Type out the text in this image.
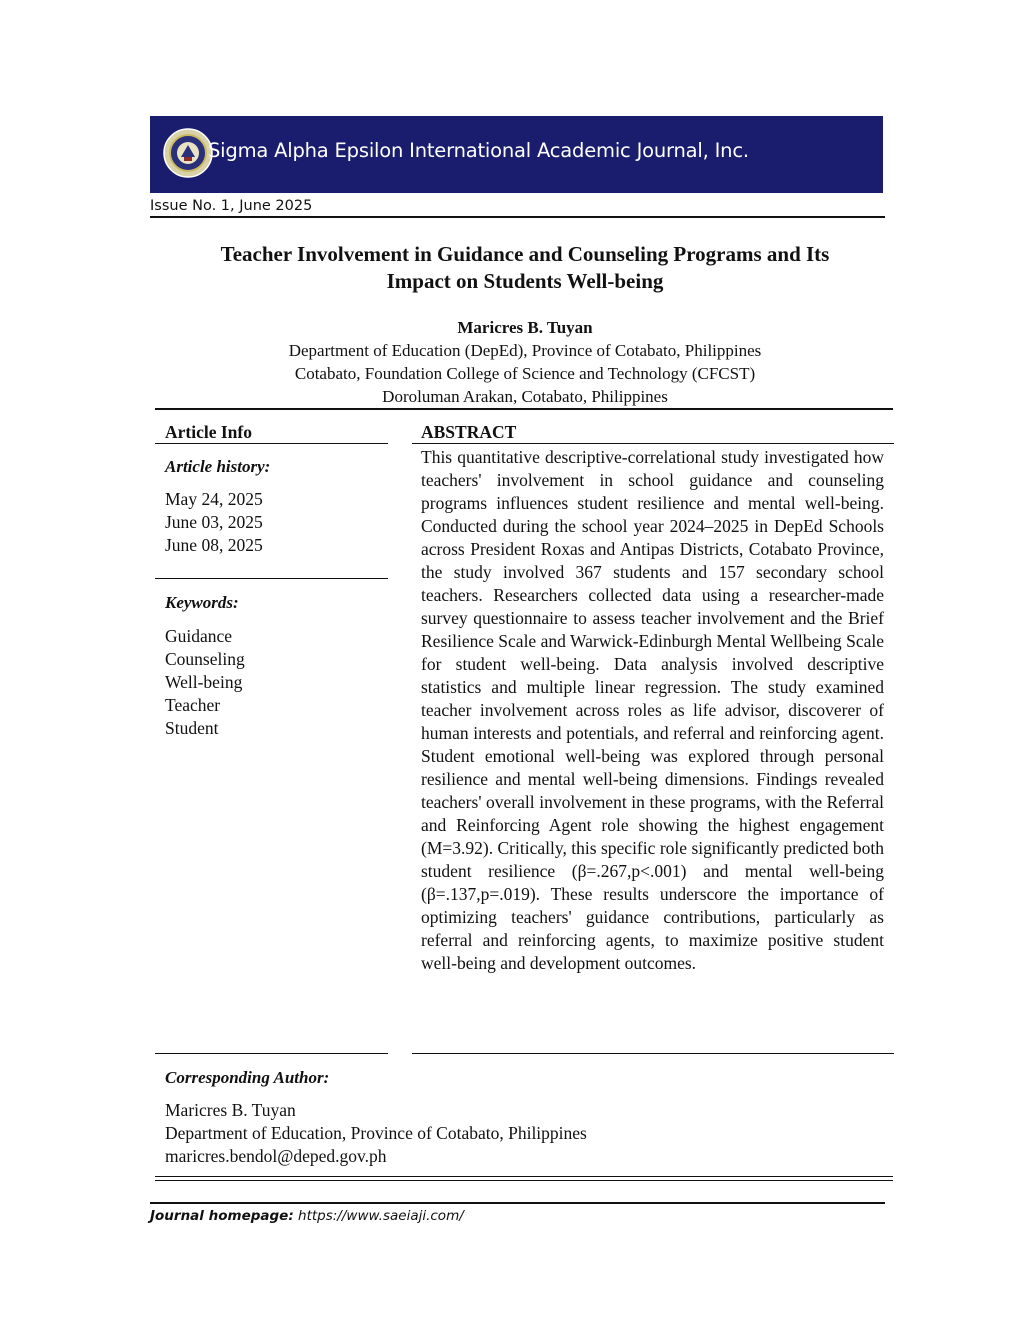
Sigma Alpha Epsilon International Academic Journal, Inc.
Issue No. 1, June 2025
Teacher Involvement in Guidance and Counseling Programs and Its
Impact on Students Well-being
Maricres B. Tuyan
Department of Education (DepEd), Province of Cotabato, Philippines
Cotabato, Foundation College of Science and Technology (CFCST)
Doroluman Arakan, Cotabato, Philippines
Article Info
Article history:
May 24, 2025
June 03, 2025
June 08, 2025
Keywords:
Guidance
Counseling
Well-being
Teacher
Student
ABSTRACT
This quantitative descriptive-correlational study investigated how teachers' involvement in school guidance and counseling programs influences student resilience and mental well-being. Conducted during the school year 2024–2025 in DepEd Schools across President Roxas and Antipas Districts, Cotabato Province, the study involved 367 students and 157 secondary school teachers. Researchers collected data using a researcher-made survey questionnaire to assess teacher involvement and the Brief Resilience Scale and Warwick-Edinburgh Mental Wellbeing Scale for student well-being. Data analysis involved descriptive statistics and multiple linear regression. The study examined teacher involvement across roles as life advisor, discoverer of human interests and potentials, and referral and reinforcing agent. Student emotional well-being was explored through personal resilience and mental well-being dimensions. Findings revealed teachers' overall involvement in these programs, with the Referral and Reinforcing Agent role showing the highest engagement (M=3.92). Critically, this specific role significantly predicted both student resilience (β=.267,p<.001) and mental well-being (β=.137,p=.019). These results underscore the importance of optimizing teachers' guidance contributions, particularly as referral and reinforcing agents, to maximize positive student well-being and development outcomes.
Corresponding Author:
Maricres B. Tuyan
Department of Education, Province of Cotabato, Philippines
maricres.bendol@deped.gov.ph
Journal homepage: https://www.saeiaji.com/
